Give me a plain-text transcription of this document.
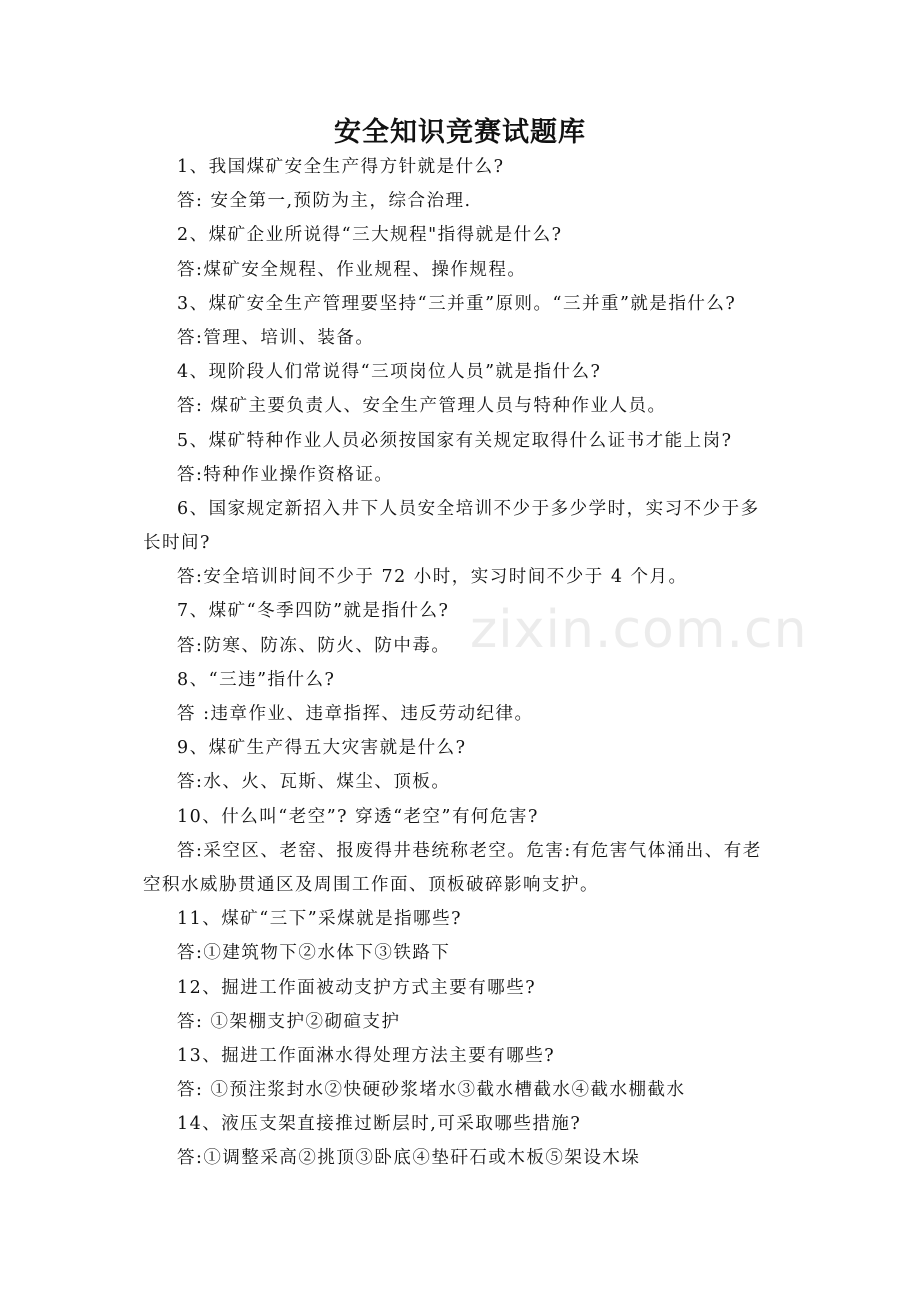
安全知识竞赛试题库
1、我国煤矿安全生产得方针就是什么?
答: 安全第一,预防为主，综合治理.
2、煤矿企业所说得“三大规程"指得就是什么?
答:煤矿安全规程、作业规程、操作规程。
3、煤矿安全生产管理要坚持“三并重”原则。“三并重”就是指什么?
答:管理、培训、装备。
4、现阶段人们常说得“三项岗位人员”就是指什么?
答: 煤矿主要负责人、安全生产管理人员与特种作业人员。
5、煤矿特种作业人员必须按国家有关规定取得什么证书才能上岗?
答:特种作业操作资格证。
6、国家规定新招入井下人员安全培训不少于多少学时，实习不少于多
长时间?
答:安全培训时间不少于 72 小时，实习时间不少于 4 个月。
7、煤矿“冬季四防”就是指什么?
答:防寒、防冻、防火、防中毒。
8、“三违”指什么?
答 :违章作业、违章指挥、违反劳动纪律。
9、煤矿生产得五大灾害就是什么?
答:水、火、瓦斯、煤尘、顶板。
10、什么叫“老空”? 穿透“老空”有何危害?
答:采空区、老窑、报废得井巷统称老空。危害:有危害气体涌出、有老
空积水威胁贯通区及周围工作面、顶板破碎影响支护。
11、煤矿“三下”采煤就是指哪些?
答:①建筑物下②水体下③铁路下
12、掘进工作面被动支护方式主要有哪些?
答: ①架棚支护②砌碹支护
13、掘进工作面淋水得处理方法主要有哪些?
答: ①预注浆封水②快硬砂浆堵水③截水槽截水④截水棚截水
14、液压支架直接推过断层时,可采取哪些措施?
答:①调整采高②挑顶③卧底④垫矸石或木板⑤架设木垛
zixin.com.cn
